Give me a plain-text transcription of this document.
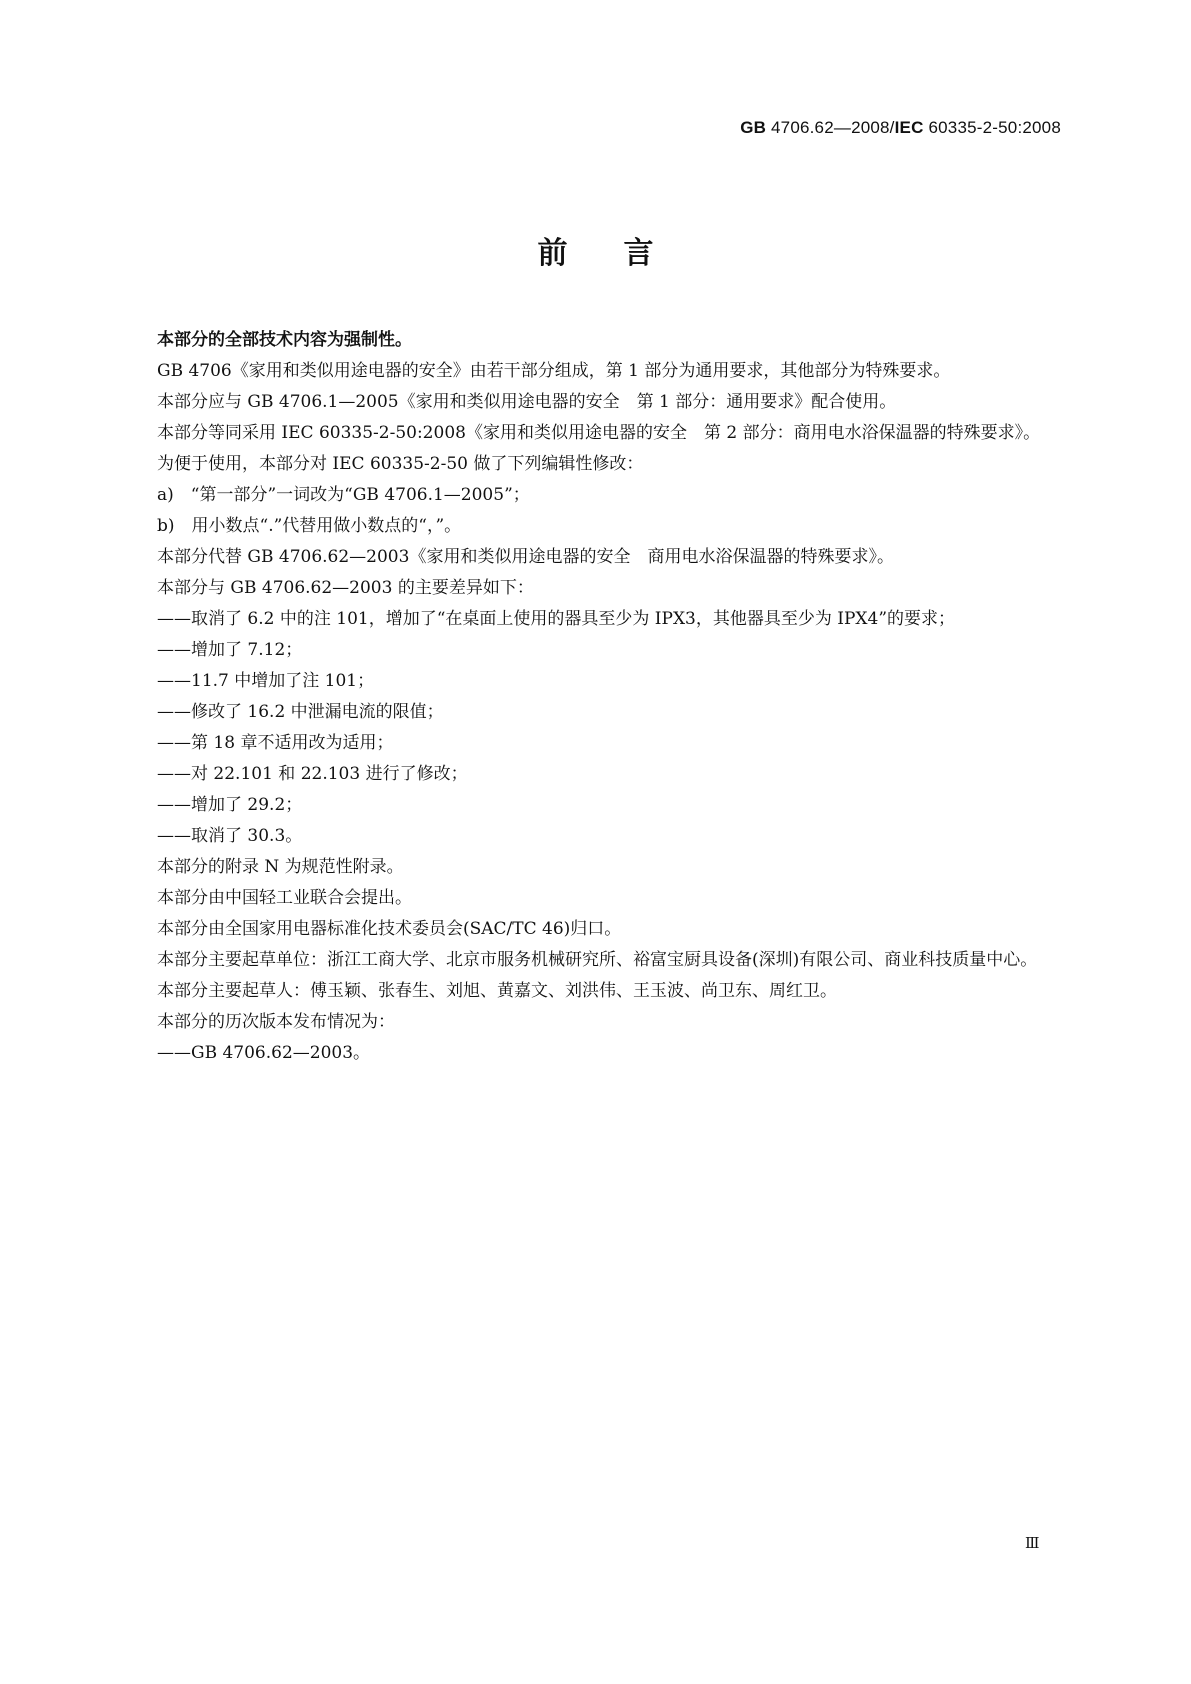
GB 4706.62—2008/IEC 60335-2-50:2008
前言

本部分的全部技术内容为强制性。

GB 4706《家用和类似用途电器的安全》由若干部分组成，第 1 部分为通用要求，其他部分为特殊要求。

本部分应与 GB 4706.1—2005《家用和类似用途电器的安全　第 1 部分：通用要求》配合使用。

本部分等同采用 IEC 60335-2-50:2008《家用和类似用途电器的安全　第 2 部分：商用电水浴保温器的特殊要求》。

为便于使用，本部分对 IEC 60335-2-50 做了下列编辑性修改：

a)　“第一部分”一词改为“GB 4706.1—2005”；

b)　用小数点“.”代替用做小数点的“，”。

本部分代替 GB 4706.62—2003《家用和类似用途电器的安全　商用电水浴保温器的特殊要求》。

本部分与 GB 4706.62—2003 的主要差异如下：

——取消了 6.2 中的注 101，增加了“在桌面上使用的器具至少为 IPX3，其他器具至少为 IPX4”的要求；

——增加了 7.12；

——11.7 中增加了注 101；

——修改了 16.2 中泄漏电流的限值；

——第 18 章不适用改为适用；

——对 22.101 和 22.103 进行了修改；

——增加了 29.2；

——取消了 30.3。

本部分的附录 N 为规范性附录。

本部分由中国轻工业联合会提出。

本部分由全国家用电器标准化技术委员会(SAC/TC 46)归口。

本部分主要起草单位：浙江工商大学、北京市服务机械研究所、裕富宝厨具设备(深圳)有限公司、商业科技质量中心。

本部分主要起草人：傅玉颖、张春生、刘旭、黄嘉文、刘洪伟、王玉波、尚卫东、周红卫。

本部分的历次版本发布情况为：

——GB 4706.62—2003。

Ⅲ
